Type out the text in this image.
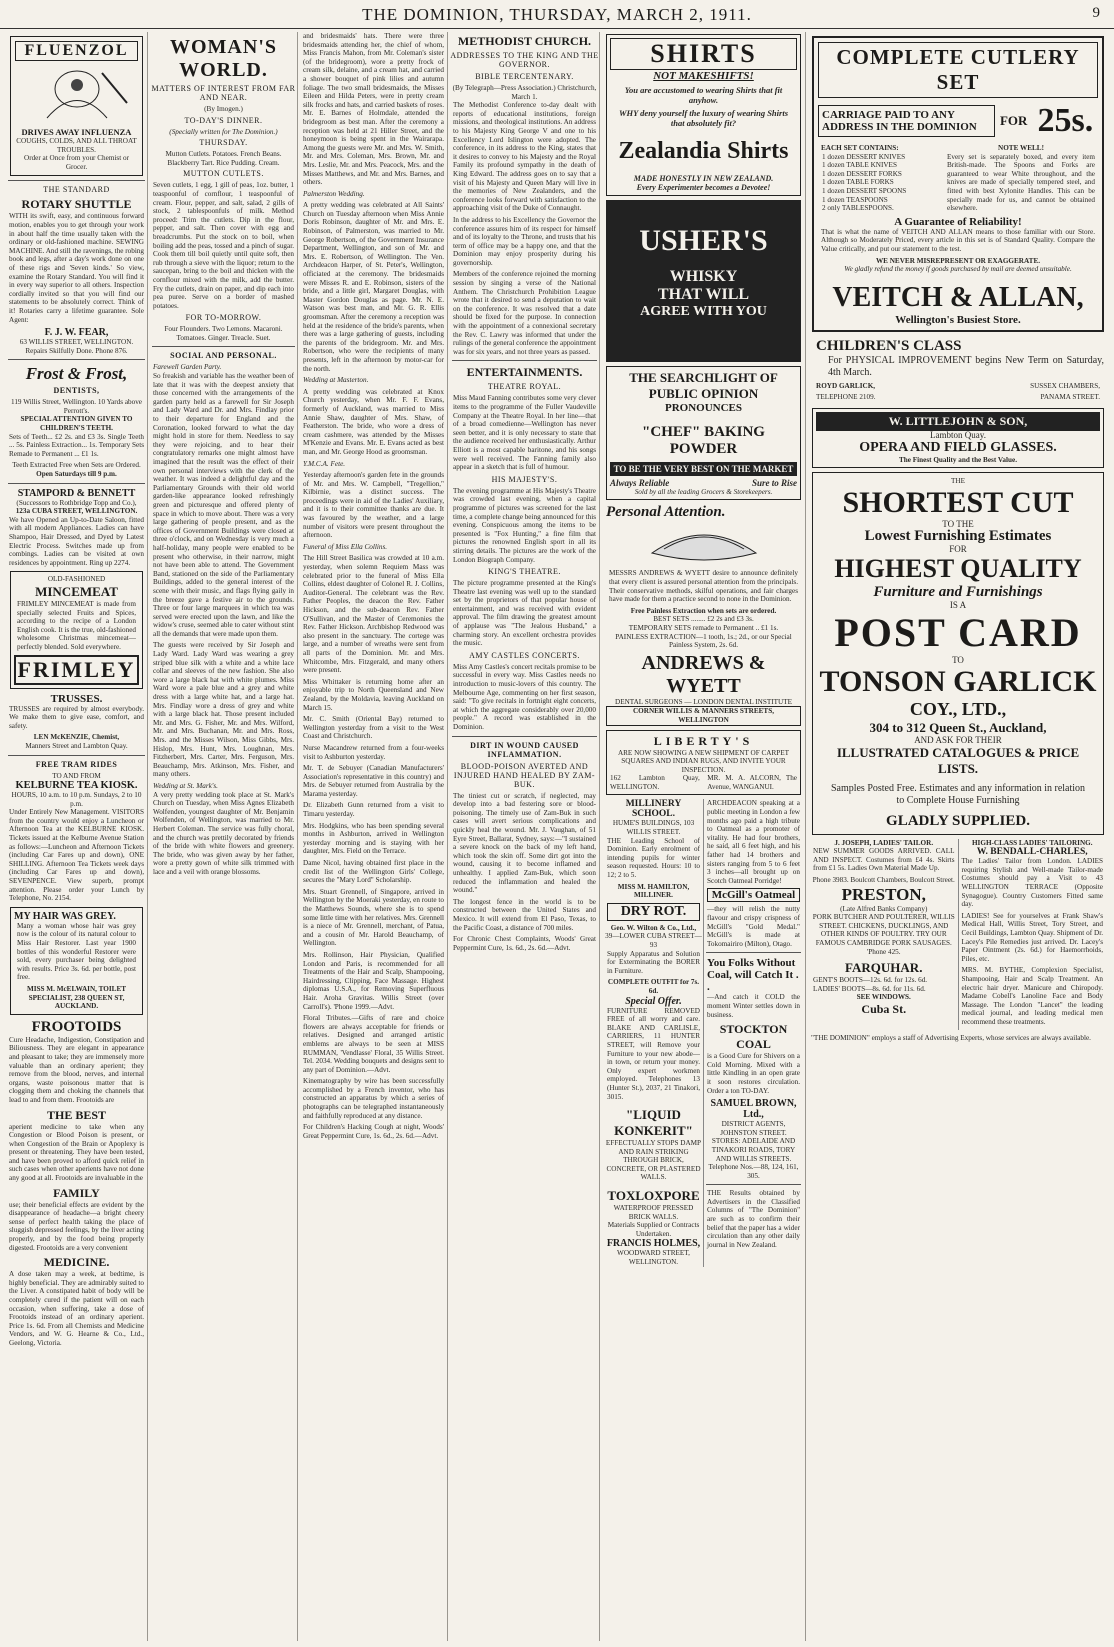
THE DOMINION, THURSDAY, MARCH 2, 1911.	9
FLUENZOL
DRIVES AWAY INFLUENZA
COUGHS, COLDS, AND ALL THROAT TROUBLES.
Order at Once from your Chemist or Grocer.
THE STANDARD
ROTARY SHUTTLE

WITH its swift, easy, and continuous forward motion, enables you to get through your work in about half the time usually taken with the ordinary or old-fashioned machine. SEWING MACHINE. And still the ravenings, the robing book and legs, after a day's work done on one of these rigs and 'Seven kinds.' So view, examine the Rotary Standard. You will find it in every way superior to all others. Inspection cordially invited so that you will find our statements to be absolutely correct. Think of it! Rotaries carry a lifetime guarantee. Sole Agent:

F. J. W. FEAR,
63 WILLIS STREET, WELLINGTON.
Repairs Skilfully Done. Phone 876.
Frost & Frost,
DENTISTS,
119 Willis Street, Wellington. 10 Yards above Perrott's.
SPECIAL ATTENTION GIVEN TO CHILDREN'S TEETH.

Sets of Teeth... £2 2s. and £3 3s. Single Teeth ... 5s. Painless Extraction... 1s. Temporary Sets Remade to Permanent ... £1 1s.

Teeth Extracted Free when Sets are Ordered.
Open Saturdays till 9 p.m.
STAMPORD & BENNETT
(Successors to Rothbridge Topp and Co.),
123a CUBA STREET, WELLINGTON.

We have Opened an Up-to-Date Saloon, fitted with all modern Appliances. Ladies can have Shampoo, Hair Dressed, and Dyed by Latest Electric Process. Switches made up from combings. Ladies can be visited at own residences by appointment. Ring up 2274.

OLD-FASHIONED
MINCEMEAT

FRIMLEY MINCEMEAT is made from specially selected Fruits and Spices, according to the recipe of a London English cook. It is the true, old-fashioned wholesome Christmas mincemeat—perfectly blended. Sold everywhere.

FRIMLEY
TRUSSES.

TRUSSES are required by almost everybody. We make them to give ease, comfort, and safety.

LEN McKENZIE, Chemist,
Manners Street and Lambton Quay.
FREE TRAM RIDES
TO AND FROM
KELBURNE TEA KIOSK.
HOURS, 10 a.m. to 10 p.m. Sundays, 2 to 10 p.m.

Under Entirely New Management. VISITORS from the country would enjoy a Luncheon or Afternoon Tea at the KELBURNE KIOSK. Tickets issued at the Kelburne Avenue Station as follows:—Luncheon and Afternoon Tickets (including Car Fares up and down), ONE SHILLING. Afternoon Tea Tickets week days (including Car Fares up and down), SEVENPENCE. View superb, prompt attention. Please order your Lunch by Telephone, No. 2154.

MY HAIR WAS GREY.

Many a woman whose hair was grey now is the colour of its natural colour to Miss Hair Restorer. Last year 1900 bottles of this wonderful Restorer were sold, every purchaser being delighted with results. Price 3s. 6d. per bottle, post free.

MISS M. McELWAIN, TOILET SPECIALIST, 238 QUEEN ST, AUCKLAND.
FROOTOIDS

Cure Headache, Indigestion, Constipation and Biliousness. They are elegant in appearance and pleasant to take; they are immensely more valuable than an ordinary aperient; they remove from the blood, nerves, and internal organs, waste poisonous matter that is clogging them and choking the channels that lead to and from them. Frootoids are

THE BEST

aperient medicine to take when any Congestion or Blood Poison is present, or when Congestion of the Brain or Apoplexy is present or threatening. They have been tested, and have been proved to afford quick relief in such cases when other aperients have not done any good at all. Frootoids are invaluable in the

FAMILY

use; their beneficial effects are evident by the disappearance of headache—a bright cheery sense of perfect health taking the place of sluggish depressed feelings, by the liver acting properly, and by the food being properly digested. Frootoids are a very convenient

MEDICINE.

A dose taken may a week, at bedtime, is highly beneficial. They are admirably suited to the Liver. A constipated habit of body will be completely cured if the patient will on each occasion, when suffering, take a dose of Frootoids instead of an ordinary aperient. Price 1s. 6d. From all Chemists and Medicine Vendors, and W. G. Hearne & Co., Ltd., Geelong, Victoria.

WOMAN'S WORLD.
MATTERS OF INTEREST FROM FAR AND NEAR.
(By Imogen.)
TO-DAY'S DINNER.
(Specially written for The Dominion.)
THURSDAY.
Mutton Cutlets. Potatoes. French Beans. Blackberry Tart. Rice Pudding. Cream.
MUTTON CUTLETS.

Seven cutlets, 1 egg, 1 gill of peas, 1oz. butter, 1 teaspoonful of cornflour, 1 teaspoonful of cream. Flour, pepper, and salt, salad, 2 gills of stock, 2 tablespoonfuls of milk. Method proceed: Trim the cutlets. Dip in the flour, pepper, and salt. Then cover with egg and breadcrumbs. Put the stock on to boil, when boiling add the peas, tossed and a pinch of sugar. Cook them till boil quietly until quite soft, then rub through a sieve with the liquor; return to the saucepan, bring to the boil and thicken with the cornflour mixed with the milk, add the butter. Fry the cutlets, drain on paper, and dip each into pea puree. Serve on a border of mashed potatoes.

FOR TO-MORROW.
Four Flounders. Two Lemons. Macaroni. Tomatoes. Ginger. Treacle. Suet.
SOCIAL AND PERSONAL.
Farewell Garden Party.

So freakish and variable has the weather been of late that it was with the deepest anxiety that those concerned with the arrangements of the garden party held as a farewell for Sir Joseph and Lady Ward and Dr. and Mrs. Findlay prior to their departure for England and the Coronation, looked forward to what the day might hold in store for them. Needless to say they were rejoicing, and to hear their congratulatory remarks one might almost have imagined that the result was the effect of their own personal interviews with the clerk of the weather. It was indeed a delightful day and the Parliamentary Grounds with their old world garden-like appearance looked refreshingly green and picturesque and offered plenty of space in which to move about. There was a very large gathering of people present, and as the offices of Government Buildings were closed at three o'clock, and on Wednesday is very much a half-holiday, many people were enabled to be present who otherwise, in their narrow, might not have been able to attend. The Government Band, stationed on the side of the Parliamentary Buildings, added to the general interest of the scene with their music, and flags flying gaily in the breeze gave a festive air to the grounds. Three or four large marquees in which tea was served were erected upon the lawn, and like the widow's cruse, seemed able to cater without stint all the demands that were made upon them.

The guests were received by Sir Joseph and Lady Ward. Lady Ward was wearing a grey striped blue silk with a white and a white lace collar and sleeves of the new fashion. She also wore a large black hat with white plumes. Miss Ward wore a pale blue and a grey and white dress with a large white hat, and a large hat. Mrs. Findlay wore a dress of grey and white with a large black hat. Those present included Mr. and Mrs. G. Fisher, Mr. and Mrs. Wilford, Mr. and Mrs. Buchanan, Mr. and Mrs. Ross, Mrs. and the Misses Wilson, Miss Gibbs, Mrs. Hislop, Mrs. Hunt, Mrs. Loughnan, Mrs. Fitzherbert, Mrs. Carter, Mrs. Ferguson, Mrs. Beauchamp, Mrs. Atkinson, Mrs. Fisher, and many others.

Wedding at St. Mark's.

A very pretty wedding took place at St. Mark's Church on Tuesday, when Miss Agnes Elizabeth Wolfenden, youngest daughter of Mr. Benjamin Wolfenden, of Wellington, was married to Mr. Herbert Coleman. The service was fully choral, and the church was prettily decorated by friends of the bride with white flowers and greenery. The bride, who was given away by her father, wore a pretty gown of white silk trimmed with lace and a veil with orange blossoms.

and bridesmaids' hats. There were three bridesmaids attending her, the chief of whom, Miss Francis Mahon, from Mr. Coleman's sister (of the bridegroom), wore a pretty frock of cream silk, delaine, and a cream hat, and carried a shower bouquet of pink lilies and autumn foliage. The two small bridesmaids, the Misses Eileen and Hilda Peters, were in pretty cream silk frocks and hats, and carried baskets of roses. Mr. E. Barnes of Holmdale, attended the bridegroom as best man. After the ceremony a reception was held at 21 Hiller Street, and the honeymoon is being spent in the Wairarapa. Among the guests were Mr. and Mrs. W. Smith, Mr. and Mrs. Coleman, Mrs. Brown, Mr. and Mrs. Leslie, Mr. and Mrs. Peacock, Mrs. and the Misses Matthews, and Mr. and Mrs. Barnes, and others.

Palmerston Wedding.

A pretty wedding was celebrated at All Saints' Church on Tuesday afternoon when Miss Annie Doris Robinson, daughter of Mr. and Mrs. E. Robinson, of Palmerston, was married to Mr. George Robertson, of the Government Insurance Department, Wellington, and son of Mr. and Mrs. E. Robertson, of Wellington. The Ven. Archdeacon Harper, of St. Peter's, Wellington, officiated at the ceremony. The bridesmaids were Misses R. and E. Robinson, sisters of the bride, and a little girl, Margaret Douglas, with Master Gordon Douglas as page. Mr. N. E. Watson was best man, and Mr. G. R. Ellis groomsman. After the ceremony a reception was held at the residence of the bride's parents, when there was a large gathering of guests, including the parents of the bridegroom. Mr. and Mrs. Robertson, who were the recipients of many presents, left in the afternoon by motor-car for the north.

Wedding at Masterton.

A pretty wedding was celebrated at Knox Church yesterday, when Mr. F. F. Evans, formerly of Auckland, was married to Miss Annie Shaw, daughter of Mrs. Shaw, of Featherston. The bride, who wore a dress of cream cashmere, was attended by the Misses M'Kenzie and Evans. Mr. E. Evans acted as best man, and Mr. George Hood as groomsman.

Y.M.C.A. Fete.

Yesterday afternoon's garden fete in the grounds of Mr. and Mrs. W. Campbell, "Tregellion," Kilbirnie, was a distinct success. The proceedings were in aid of the Ladies' Auxiliary, and it is to their committee thanks are due. It was favoured by the weather, and a large number of visitors were present throughout the afternoon.

Funeral of Miss Ella Collins.

The Hill Street Basilica was crowded at 10 a.m. yesterday, when solemn Requiem Mass was celebrated prior to the funeral of Miss Ella Collins, eldest daughter of Colonel R. J. Collins, Auditor-General. The celebrant was the Rev. Father Peoples, the deacon the Rev. Father Hickson, and the sub-deacon Rev. Father O'Sullivan, and the Master of Ceremonies the Rev. Father Hickson. Archbishop Redwood was also present in the sanctuary. The cortege was large, and a number of wreaths were sent from all parts of the Dominion. Mr. and Mrs. Whitcombe, Mrs. Fitzgerald, and many others were present.

Miss Whittaker is returning home after an enjoyable trip to North Queensland and New Zealand, by the Moldavia, leaving Auckland on March 15.

Mr. C. Smith (Oriental Bay) returned to Wellington yesterday from a visit to the West Coast and Christchurch.

Nurse Macandrew returned from a four-weeks visit to Ashburton yesterday.

Mr. T. de Sebuyer (Canadian Manufacturers' Association's representative in this country) and Mrs. de Sebuyer returned from Australia by the Marama yesterday.

Dr. Elizabeth Gunn returned from a visit to Timaru yesterday.

Mrs. Hodgkins, who has been spending several months in Ashburton, arrived in Wellington yesterday morning and is staying with her daughter, Mrs. Field on the Terrace.

Dame Nicol, having obtained first place in the credit list of the Wellington Girls' College, secures the "Mary Lord" Scholarship.

Mrs. Stuart Grennell, of Singapore, arrived in Wellington by the Moeraki yesterday, en route to the Matthews Sounds, where she is to spend some little time with her relatives. Mrs. Grennell is a niece of Mr. Grennell, merchant, of Patua, and a cousin of Mr. Harold Beauchamp, of Wellington.

Mrs. Rollinson, Hair Physician, Qualified London and Paris, is recommended for all Treatments of the Hair and Scalp, Shampooing, Hairdressing, Clipping, Face Massage. Highest diplomas U.S.A., for Removing Superfluous Hair. Aroha Gravitas. Willis Street (over Carroll's). 'Phone 1999.—Advt.

Floral Tributes.—Gifts of rare and choice flowers are always acceptable for friends or relatives. Designed and arranged artistic emblems are always to be seen at MISS RUMMAN, 'Vendlasse' Floral, 35 Willis Street. Tel. 2034. Wedding bouquets and designs sent to any part of Dominion.—Advt.

Kinematography by wire has been successfully accomplished by a French inventor, who has constructed an apparatus by which a series of photographs can be telegraphed instantaneously and faithfully reproduced at any distance.

For Children's Hacking Cough at night, Woods' Great Peppermint Cure, 1s. 6d., 2s. 6d.—Advt.

METHODIST CHURCH.
ADDRESSES TO THE KING AND THE GOVERNOR.
BIBLE TERCENTENARY.
(By Telegraph—Press Association.) Christchurch, March 1.

The Methodist Conference to-day dealt with reports of educational institutions, foreign missions, and theological institutions. An address to his Majesty King George V and one to his Excellency Lord Islington were adopted. The conference, in its address to the King, states that it desires to convey to his Majesty and the Royal Family its profound sympathy in the death of King Edward. The address goes on to say that a visit of his Majesty and Queen Mary will live in the memories of New Zealanders, and the conference looks forward with satisfaction to the approaching visit of the Duke of Connaught.

In the address to his Excellency the Governor the conference assures him of its respect for himself and of its loyalty to the Throne, and trusts that his term of office may be a happy one, and that the Dominion may enjoy prosperity during his governorship.

Members of the conference rejoined the morning session by singing a verse of the National Anthem. The Christchurch Prohibition League wrote that it desired to send a deputation to wait on the conference. It was resolved that a date should be fixed for the purpose. In connection with the appointment of a connexional secretary the Rev. C. Lawry was informed that under the rulings of the general conference the appointment was for six years, and not three years as passed.

ENTERTAINMENTS.
THEATRE ROYAL.

Miss Maud Fanning contributes some very clever items to the programme of the Fuller Vaudeville Company at the Theatre Royal. In her line—that of a broad comedienne—Wellington has never seen better, and it is only necessary to state that the audience received her enthusiastically. Arthur Elliott is a most capable baritone, and his songs were well received. The Fanning family also appear in a sketch that is full of humour.

HIS MAJESTY'S.

The evening programme at His Majesty's Theatre was crowded last evening, when a capital programme of pictures was screened for the last time, a complete change being announced for this evening. Conspicuous among the items to be presented is "Fox Hunting," a fine film that pictures the renowned English sport in all its stirring details. The pictures are the work of the London Biograph Company.

KING'S THEATRE.

The picture programme presented at the King's Theatre last evening was well up to the standard set by the proprietors of that popular house of entertainment, and was received with evident approval. The film drawing the greatest amount of applause was "The Jealous Husband," a charming story. An excellent orchestra provides the music.

AMY CASTLES CONCERTS.

Miss Amy Castles's concert recitals promise to be successful in every way. Miss Castles needs no introduction to music-lovers of this country. The Melbourne Age, commenting on her first season, said: "To give recitals in fortnight eight concerts, at which the aggregate considerably over 20,000 people." A record was established in the Dominion.

DIRT IN WOUND CAUSED INFLAMMATION.
BLOOD-POISON AVERTED AND INJURED HAND HEALED BY ZAM-BUK.

The tiniest cut or scratch, if neglected, may develop into a bad festering sore or blood-poisoning. The timely use of Zam-Buk in such cases will avert serious complications and quickly heal the wound. Mr. J. Vaughan, of 51 Eyre Street, Ballarat, Sydney, says:—"I sustained a severe knock on the back of my left hand, which took the skin off. Some dirt got into the wound, causing it to become inflamed and unhealthy. I applied Zam-Buk, which soon reduced the inflammation and healed the wound."

The longest fence in the world is to be constructed between the United States and Mexico. It will extend from El Paso, Texas, to the Pacific Coast, a distance of 700 miles.

For Chronic Chest Complaints, Woods' Great Peppermint Cure, 1s. 6d., 2s. 6d.—Advt.

SHIRTS
NOT MAKESHIFTS!
You are accustomed to wearing Shirts that fit anyhow.
WHY deny yourself the luxury of wearing Shirts that absolutely fit?
Zealandia Shirts
MADE HONESTLY IN NEW ZEALAND.
Every Experimenter becomes a Devotee!
USHER'S
WHISKY
THAT WILL
AGREE WITH YOU
THE SEARCHLIGHT OF PUBLIC OPINION
PRONOUNCES
"CHEF" BAKING POWDER
TO BE THE VERY BEST ON THE MARKET
Always Reliable	Sure to Rise
Sold by all the leading Grocers & Storekeepers.
Personal Attention.

MESSRS ANDREWS & WYETT desire to announce definitely that every client is assured personal attention from the principals. Their conservative methods, skilful operations, and fair charges have made for them a practice second to none in the Dominion.

Free Painless Extraction when sets are ordered.
BEST SETS ........ £2 2s and £3 3s.
TEMPORARY SETS remade to Permanent .. £1 1s.
PAINLESS EXTRACTION—1 tooth, 1s.; 2d., or our Special Painless System, 2s. 6d.
ANDREWS & WYETT
DENTAL SURGEONS — LONDON DENTAL INSTITUTE
CORNER WILLIS & MANNERS STREETS, WELLINGTON
LIBERTY'S
ARE NOW SHOWING A NEW SHIPMENT OF CARPET SQUARES AND INDIAN RUGS, AND INVITE YOUR INSPECTION.
162 Lambton Quay, WELLINGTON.
MR. M. A. ALCORN, The Avenue, WANGANUI.
MILLINERY SCHOOL.
HUME'S BUILDINGS, 103 WILLIS STREET.

THE Leading School of Dominion. Early enrolment of intending pupils for winter season requested. Hours: 10 to 12; 2 to 5.

MISS M. HAMILTON, MILLINER.
DRY ROT.
Geo. W. Wilton & Co., Ltd.,
39—LOWER CUBA STREET—93

Supply Apparatus and Solution for Exterminating the BORER in Furniture.

COMPLETE OUTFIT for 7s. 6d.
Special Offer.

FURNITURE REMOVED FREE of all worry and care. BLAKE AND CARLISLE, CARRIERS, 11 HUNTER STREET, will Remove your Furniture to your new abode—in town, or return your money. Only expert workmen employed. Telephones 13 (Hunter St.), 2037, 21 Tinakori, 3015.

"LIQUID KONKERIT"
EFFECTUALLY STOPS DAMP AND RAIN STRIKING THROUGH BRICK, CONCRETE, OR PLASTERED WALLS.
TOXLOXPORE
WATERPROOF PRESSED BRICK WALLS.
Materials Supplied or Contracts Undertaken.
FRANCIS HOLMES,
WOODWARD STREET, WELLINGTON.

ARCHDEACON speaking at a public meeting in London a few months ago paid a high tribute to Oatmeal as a promoter of vitality. He had four brothers, he said, all 6 feet high, and his father had 14 brothers and sisters ranging from 5 to 6 feet 3 inches—all brought up on Scotch Oatmeal Porridge!

McGill's Oatmeal

—they will relish the nutty flavour and crispy crispness of McGill's "Gold Medal." McGill's is made at Tokomairiro (Milton), Otago.

You Folks Without Coal, will Catch It . .

—And catch it COLD the moment Winter settles down in business.

STOCKTON
COAL

is a Good Cure for Shivers on a Cold Morning. Mixed with a little Kindling in an open grate it soon restores circulation. Order a ton TO-DAY.

SAMUEL BROWN, Ltd.,
DISTRICT AGENTS, JOHNSTON STREET.
STORES: ADELAIDE AND TINAKORI ROADS, TORY AND WILLIS STREETS.
Telephone Nos.—88, 124, 161, 305.

THE Results obtained by Advertisers in the Classified Columns of "The Dominion" are such as to confirm their belief that the paper has a wider circulation than any other daily journal in New Zealand.

COMPLETE CUTLERY SET
CARRIAGE PAID TO ANY ADDRESS IN THE DOMINION	FOR 25s.
EACH SET CONTAINS:
1 dozen DESSERT KNIVES
1 dozen TABLE KNIVES
1 dozen DESSERT FORKS
1 dozen TABLE FORKS
1 dozen DESSERT SPOONS
1 dozen TEASPOONS
2 only TABLESPOONS.
NOTE WELL!

Every set is separately boxed, and every item British-made. The Spoons and Forks are guaranteed to wear White throughout, and the knives are made of specially tempered steel, and fitted with best Xylonite Handles. This can be specially made for us, and cannot be obtained elsewhere.

A Guarantee of Reliability!

That is what the name of VEITCH AND ALLAN means to those familiar with our Store. Although so Moderately Priced, every article in this set is of Standard Quality. Compare the Value critically, and put our statement to the test.

WE NEVER MISREPRESENT OR EXAGGERATE.
We gladly refund the money if goods purchased by mail are deemed unsuitable.
VEITCH & ALLAN,
Wellington's Busiest Store.
CHILDREN'S CLASS
For PHYSICAL IMPROVEMENT begins New Term on Saturday, 4th March.
ROYD GARLICK,	SUSSEX CHAMBERS,
TELEPHONE 2109.	PANAMA STREET.
W. LITTLEJOHN & SON,
Lambton Quay.
OPERA AND FIELD GLASSES.
The Finest Quality and the Best Value.
THE
SHORTEST CUT
TO THE
Lowest Furnishing Estimates
FOR
HIGHEST QUALITY
Furniture and Furnishings
IS A
POST CARD
TO
TONSON GARLICK
COY., LTD.,
304 to 312 Queen St., Auckland,
AND ASK FOR THEIR
ILLUSTRATED CATALOGUES & PRICE LISTS.
Samples Posted Free. Estimates and any information in relation to Complete House Furnishing
GLADLY SUPPLIED.
J. JOSEPH, LADIES' TAILOR.

NEW SUMMER GOODS ARRIVED. CALL AND INSPECT. Costumes from £4 4s. Skirts from £1 5s. Ladies Own Material Made Up.

Phone 3983. Boulcott Chambers, Boulcott Street.
PRESTON,
(Late Alfred Banks Company)
PORK BUTCHER AND POULTERER, WILLIS STREET. CHICKENS, DUCKLINGS, AND OTHER KINDS OF POULTRY. TRY OUR FAMOUS CAMBRIDGE PORK SAUSAGES.
'Phone 425.
FARQUHAR.
GENT'S BOOTS—12s. 6d. for 12s. 6d.
LADIES' BOOTS—8s. 6d. for 11s. 6d.
SEE WINDOWS.
Cuba St.
HIGH-CLASS LADIES' TAILORING.
W. BENDALL-CHARLES,

The Ladies' Tailor from London. LADIES requiring Stylish and Well-made Tailor-made Costumes should pay a Visit to 43 WELLINGTON TERRACE (Opposite Synagogue). Country Customers Fitted same day.

LADIES! See for yourselves at Frank Shaw's Medical Hall, Willis Street, Tory Street, and Cecil Buildings, Lambton Quay. Shipment of Dr. Lacey's Pile Remedies just arrived. Dr. Lacey's Paper Ointment (2s. 6d.) for Haemorrhoids, Piles, etc.

MRS. M. BYTHE, Complexion Specialist, Shampooing, Hair and Scalp Treatment. An electric hair dryer. Manicure and Chiropody. Madame Cobell's Lanoline Face and Body Massage. The London "Lancet" the leading medical journal, and leading medical men recommend these treatments.

"THE DOMINION" employs a staff of Advertising Experts, whose services are always available.
